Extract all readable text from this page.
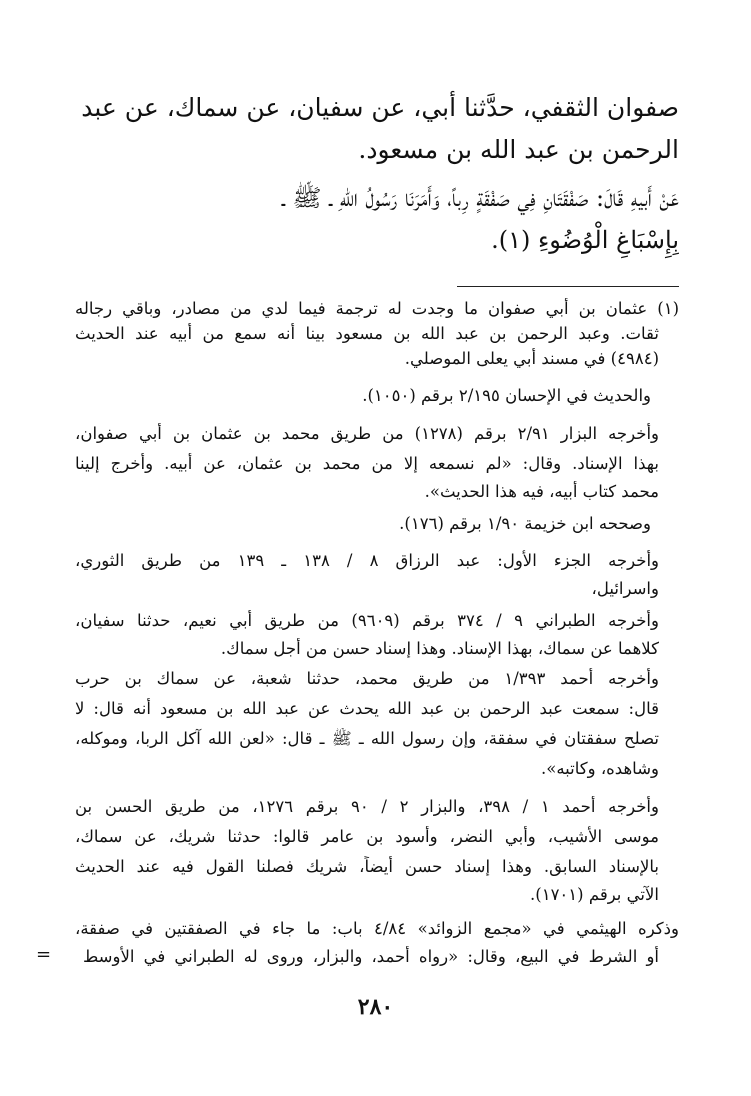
صفوان الثقفي، حدَّثنا أبي، عن سفيان، عن سماك، عن عبد
الرحمن بن عبد الله بن مسعود.
عَنْ أَبيهِ قَالَ: صَفْقَتَانِ فِي صَفْقَةٍ رِباً، وَأَمَرَنَا رَسُولُ اللهِ ـ ﷺ ـ
بِإِسْبَاغِ الْوُضُوءِ (١).
(١) عثمان بن أبي صفوان ما وجدت له ترجمة فيما لدي من مصادر، وباقي رجاله
ثقات. وعبد الرحمن بن عبد الله بن مسعود بينا أنه سمع من أبيه عند الحديث
(٤٩٨٤) في مسند أبي يعلى الموصلي.
والحديث في الإحسان ٢/١٩٥ برقم (١٠٥٠).
وأخرجه البزار ٢/٩١ برقم (١٢٧٨) من طريق محمد بن عثمان بن أبي صفوان،
بهذا الإسناد. وقال: «لم نسمعه إلا من محمد بن عثمان، عن أبيه. وأخرج إلينا
محمد كتاب أبيه، فيه هذا الحديث».
وصححه ابن خزيمة ١/٩٠ برقم (١٧٦).
وأخرجه الجزء الأول: عبد الرزاق ٨ / ١٣٨ ـ ١٣٩ من طريق الثوري،
واسرائيل،
وأخرجه الطبراني ٩ / ٣٧٤ برقم (٩٦٠٩) من طريق أبي نعيم، حدثنا سفيان،
كلاهما عن سماك، بهذا الإسناد. وهذا إسناد حسن من أجل سماك.
وأخرجه أحمد ١/٣٩٣ من طريق محمد، حدثنا شعبة، عن سماك بن حرب
قال: سمعت عبد الرحمن بن عبد الله يحدث عن عبد الله بن مسعود أنه قال: لا
تصلح سفقتان في سفقة، وإن رسول الله ـ ﷺ ـ قال: «لعن الله آكل الربا، وموكله،
وشاهده، وكاتبه».
وأخرجه أحمد ١ / ٣٩٨، والبزار ٢ / ٩٠ برقم ١٢٧٦، من طريق الحسن بن
موسى الأشيب، وأبي النضر، وأسود بن عامر قالوا: حدثنا شريك، عن سماك،
بالإسناد السابق. وهذا إسناد حسن أيضاً، شريك فصلنا القول فيه عند الحديث
الآتي برقم (١٧٠١).
وذكره الهيثمي في «مجمع الزوائد» ٤/٨٤ باب: ما جاء في الصفقتين في صفقة،
أو الشرط في البيع، وقال: «رواه أحمد، والبزار، وروى له الطبراني في الأوسط
=
٢٨٠
